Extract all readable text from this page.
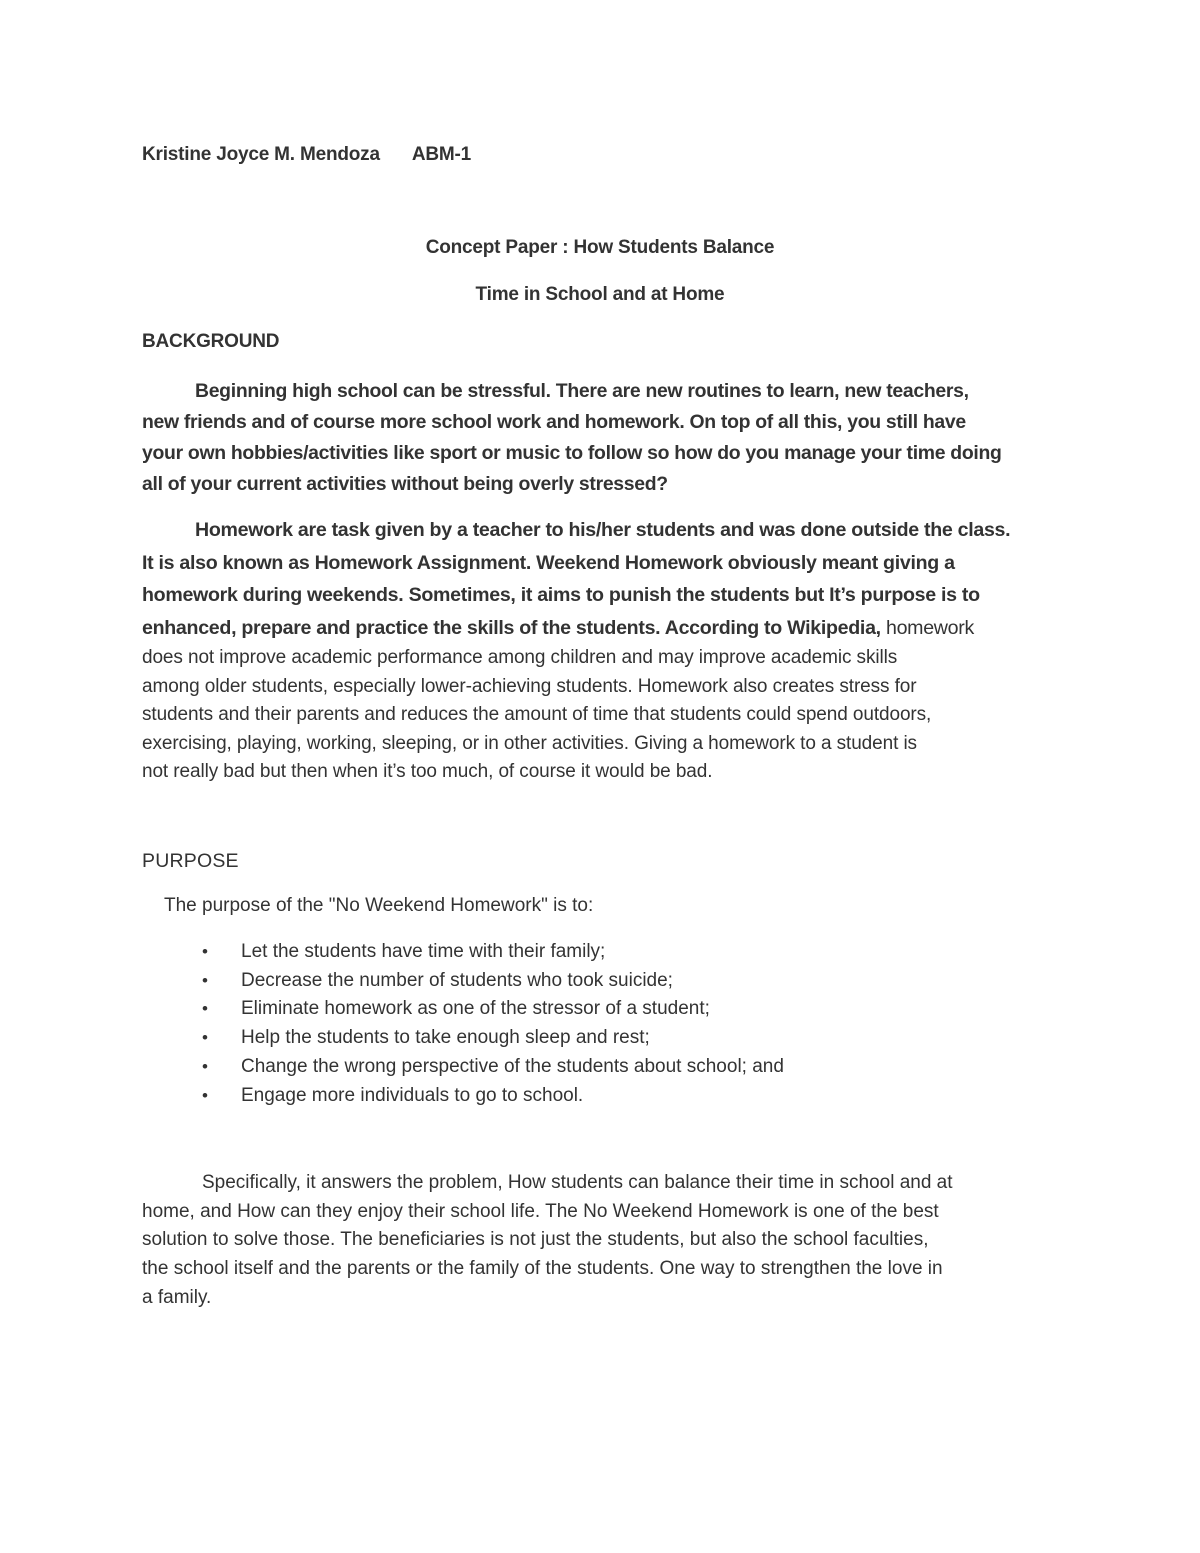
Kristine Joyce M. Mendoza ABM-1
Concept Paper : How Students Balance
Time in School and at Home
BACKGROUND
Beginning high school can be stressful. There are new routines to learn, new teachers,
new friends and of course more school work and homework. On top of all this, you still have
your own hobbies/activities like sport or music to follow so how do you manage your time doing
all of your current activities without being overly stressed?
Homework are task given by a teacher to his/her students and was done outside the class.
It is also known as Homework Assignment. Weekend Homework obviously meant giving a
homework during weekends. Sometimes, it aims to punish the students but It’s purpose is to
enhanced, prepare and practice the skills of the students. According to Wikipedia, homework
does not improve academic performance among children and may improve academic skills
among older students, especially lower-achieving students. Homework also creates stress for
students and their parents and reduces the amount of time that students could spend outdoors,
exercising, playing, working, sleeping, or in other activities. Giving a homework to a student is
not really bad but then when it’s too much, of course it would be bad.
PURPOSE
The purpose of the "No Weekend Homework" is to:
• Let the students have time with their family;
• Decrease the number of students who took suicide;
• Eliminate homework as one of the stressor of a student;
• Help the students to take enough sleep and rest;
• Change the wrong perspective of the students about school; and
• Engage more individuals to go to school.
Specifically, it answers the problem, How students can balance their time in school and at
home, and How can they enjoy their school life. The No Weekend Homework is one of the best
solution to solve those. The beneficiaries is not just the students, but also the school faculties,
the school itself and the parents or the family of the students. One way to strengthen the love in
a family.
